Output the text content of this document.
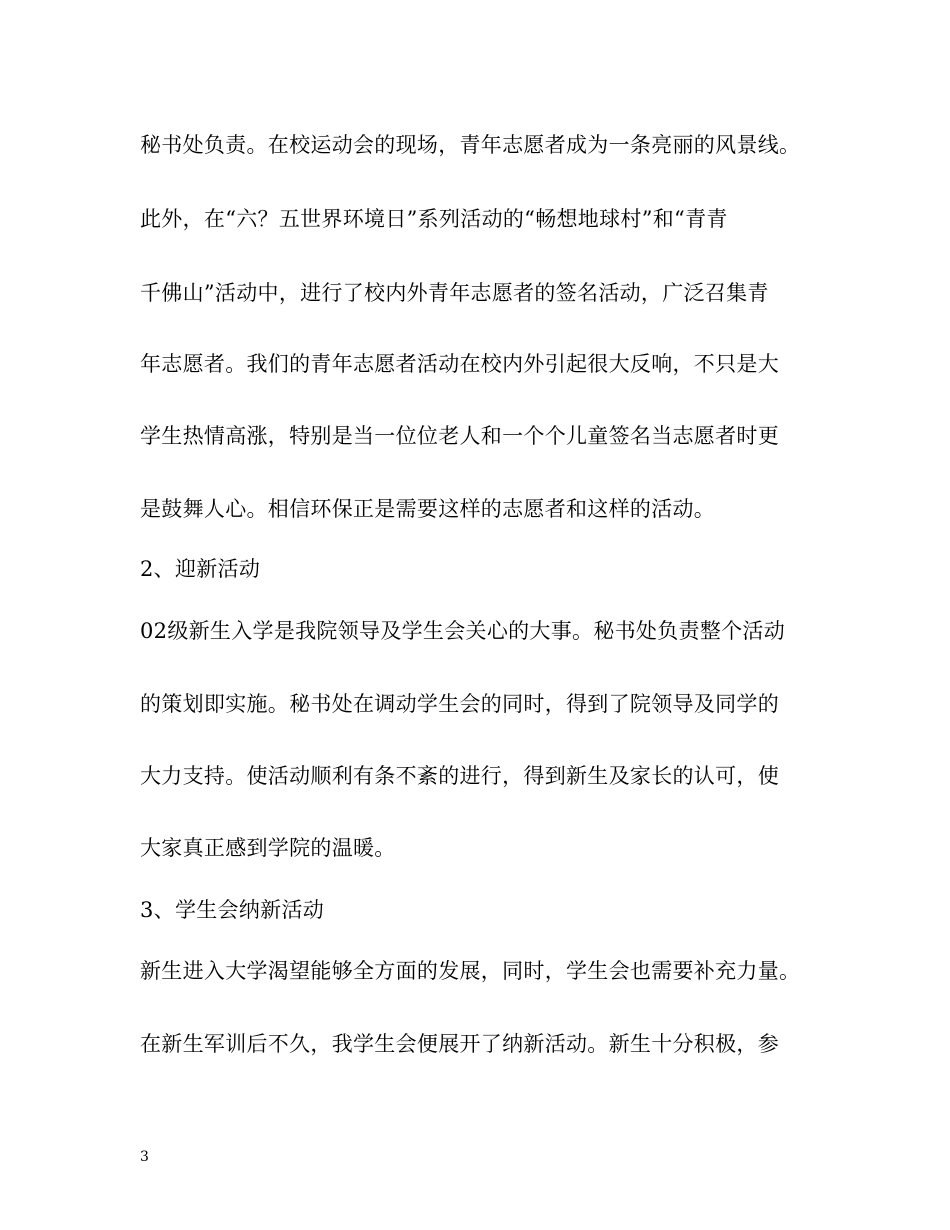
秘书处负责。在校运动会的现场，青年志愿者成为一条亮丽的风景线。
此外，在“六？五世界环境日”系列活动的“畅想地球村”和“青青
千佛山”活动中，进行了校内外青年志愿者的签名活动，广泛召集青
年志愿者。我们的青年志愿者活动在校内外引起很大反响，不只是大
学生热情高涨，特别是当一位位老人和一个个儿童签名当志愿者时更
是鼓舞人心。相信环保正是需要这样的志愿者和这样的活动。
2、迎新活动
02级新生入学是我院领导及学生会关心的大事。秘书处负责整个活动
的策划即实施。秘书处在调动学生会的同时，得到了院领导及同学的
大力支持。使活动顺利有条不紊的进行，得到新生及家长的认可，使
大家真正感到学院的温暖。
3、学生会纳新活动
新生进入大学渴望能够全方面的发展，同时，学生会也需要补充力量。
在新生军训后不久，我学生会便展开了纳新活动。新生十分积极，参
3
